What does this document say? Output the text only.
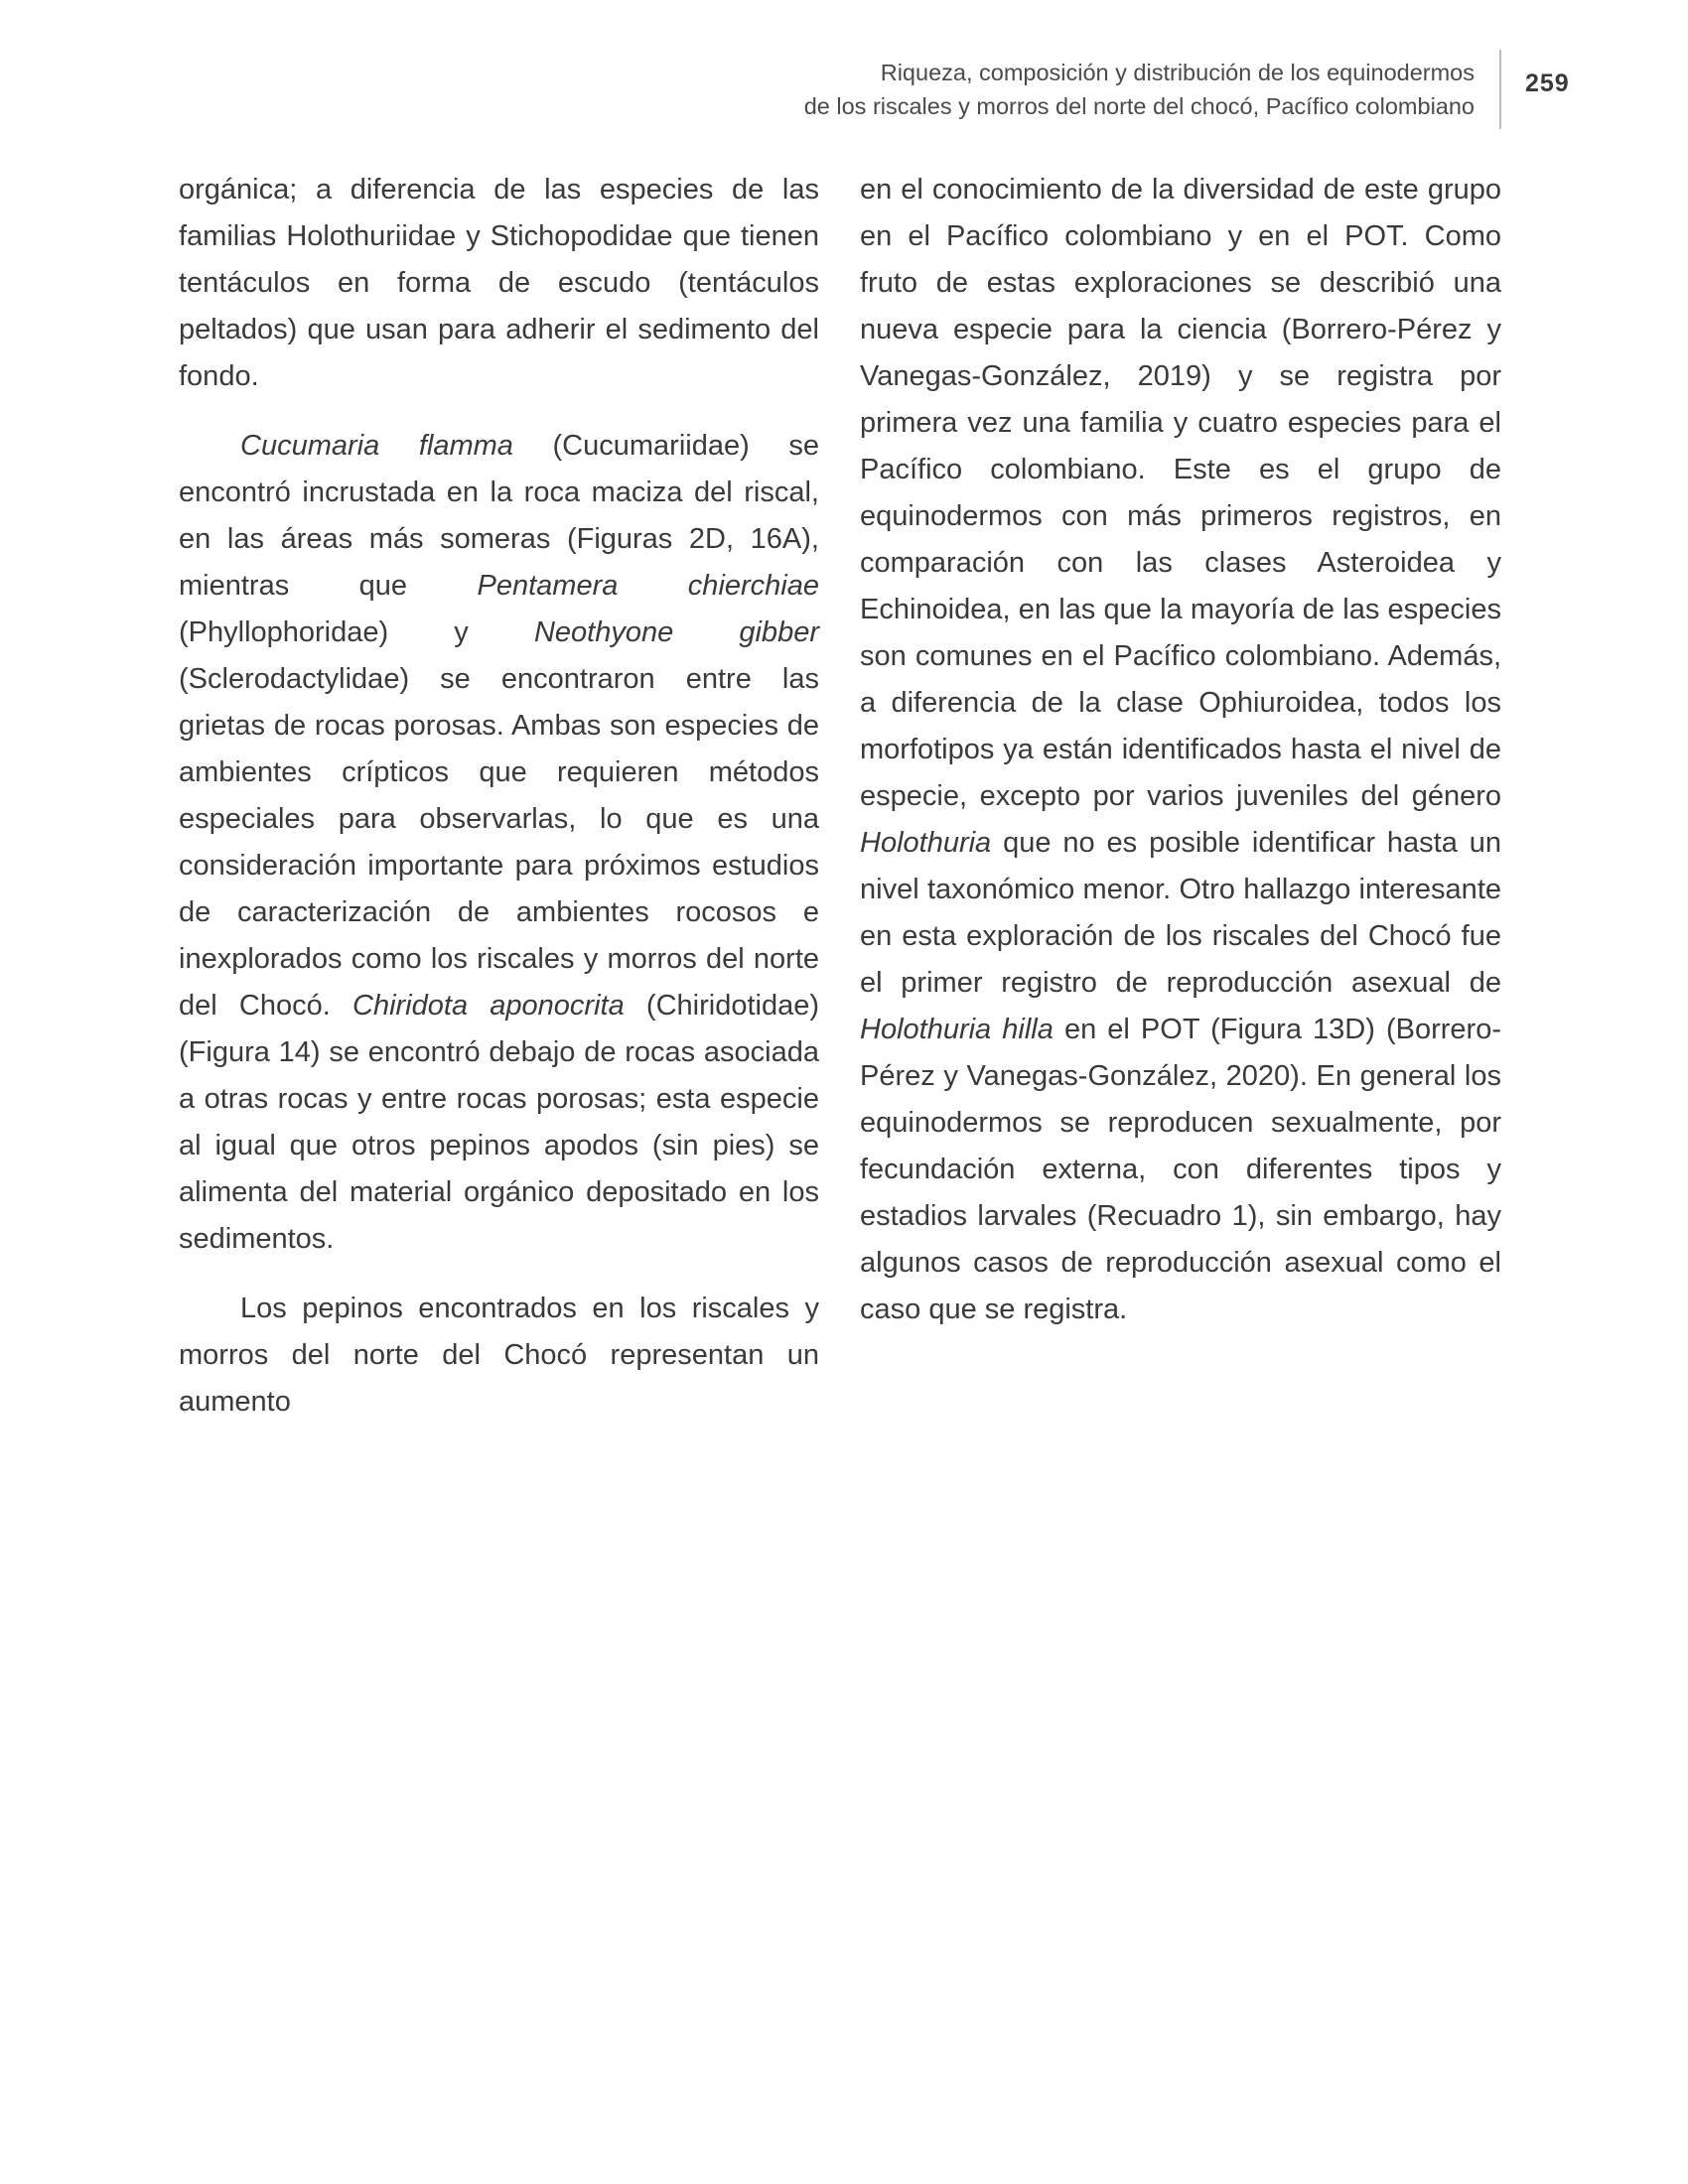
Riqueza, composición y distribución de los equinodermos
de los riscales y morros del norte del chocó, Pacífico colombiano
259

orgánica; a diferencia de las especies de las familias Holothuriidae y Stichopodidae que tienen tentáculos en forma de escudo (tentáculos peltados) que usan para adherir el sedimento del fondo.

Cucumaria flamma (Cucumariidae) se encontró incrustada en la roca maciza del riscal, en las áreas más someras (Figuras 2D, 16A), mientras que Pentamera chierchiae (Phyllophoridae) y Neothyone gibber (Sclerodactylidae) se encontraron entre las grietas de rocas porosas. Ambas son especies de ambientes crípticos que requieren métodos especiales para observarlas, lo que es una consideración importante para próximos estudios de caracterización de ambientes rocosos e inexplorados como los riscales y morros del norte del Chocó. Chiridota aponocrita (Chiridotidae) (Figura 14) se encontró debajo de rocas asociada a otras rocas y entre rocas porosas; esta especie al igual que otros pepinos apodos (sin pies) se alimenta del material orgánico depositado en los sedimentos.

Los pepinos encontrados en los riscales y morros del norte del Chocó representan un aumento

en el conocimiento de la diversidad de este grupo en el Pacífico colombiano y en el POT. Como fruto de estas exploraciones se describió una nueva especie para la ciencia (Borrero-Pérez y Vanegas-González, 2019) y se registra por primera vez una familia y cuatro especies para el Pacífico colombiano. Este es el grupo de equinodermos con más primeros registros, en comparación con las clases Asteroidea y Echinoidea, en las que la mayoría de las especies son comunes en el Pacífico colombiano. Además, a diferencia de la clase Ophiuroidea, todos los morfotipos ya están identificados hasta el nivel de especie, excepto por varios juveniles del género Holothuria que no es posible identificar hasta un nivel taxonómico menor. Otro hallazgo interesante en esta exploración de los riscales del Chocó fue el primer registro de reproducción asexual de Holothuria hilla en el POT (Figura 13D) (Borrero-Pérez y Vanegas-González, 2020). En general los equinodermos se reproducen sexualmente, por fecundación externa, con diferentes tipos y estadios larvales (Recuadro 1), sin embargo, hay algunos casos de reproducción asexual como el caso que se registra.
